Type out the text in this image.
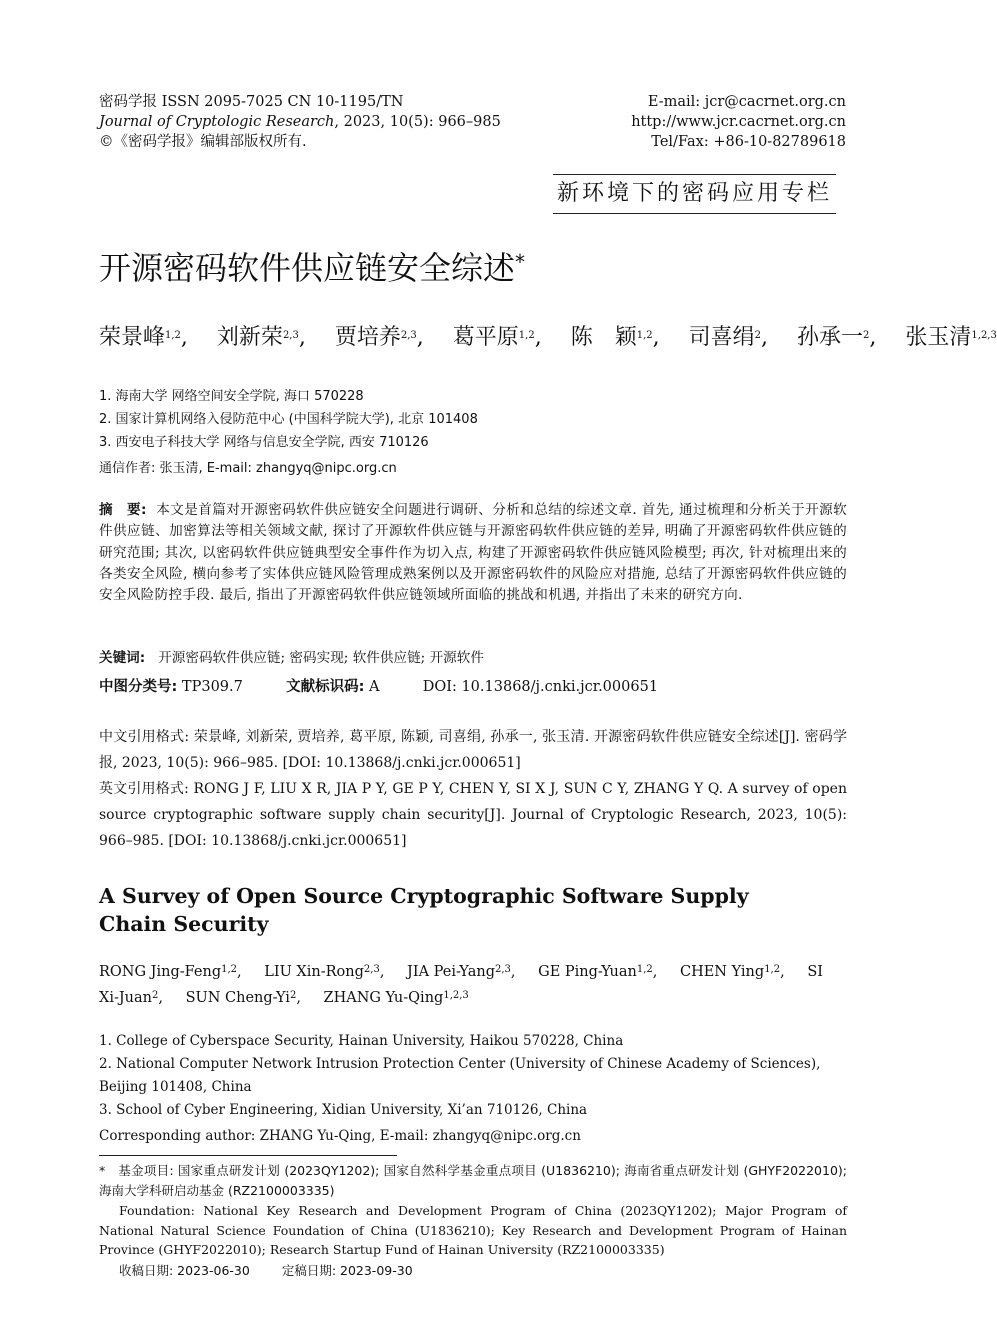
密码学报 ISSN 2095-7025 CN 10-1195/TN
Journal of Cryptologic Research, 2023, 10(5): 966–985
©《密码学报》编辑部版权所有.
E-mail: jcr@cacrnet.org.cn
http://www.jcr.cacrnet.org.cn
Tel/Fax: +86-10-82789618
新环境下的密码应用专栏
开源密码软件供应链安全综述*
荣景峰$^{1,2}$,　 刘新荣$^{2,3}$,　 贾培养$^{2,3}$,　 葛平原$^{1,2}$,　 陈　颖$^{1,2}$,　 司喜绢$^2$,　 孙承一$^2$,　 张玉清$^{1,2,3}$
1. 海南大学 网络空间安全学院, 海口 570228
2. 国家计算机网络入侵防范中心 (中国科学院大学), 北京 101408
3. 西安电子科技大学 网络与信息安全学院, 西安 710126
通信作者: 张玉清, E-mail: zhangyq@nipc.org.cn
摘　要: 本文是首篇对开源密码软件供应链安全问题进行调研、分析和总结的综述文章. 首先, 通过梳理和分析关于开源软件供应链、加密算法等相关领域文献, 探讨了开源软件供应链与开源密码软件供应链的差异, 明确了开源密码软件供应链的研究范围; 其次, 以密码软件供应链典型安全事件作为切入点, 构建了开源密码软件供应链风险模型; 再次, 针对梳理出来的各类安全风险, 横向参考了实体供应链风险管理成熟案例以及开源密码软件的风险应对措施, 总结了开源密码软件供应链的安全风险防控手段. 最后, 指出了开源密码软件供应链领域所面临的挑战和机遇, 并指出了未来的研究方向.
关键词: 开源密码软件供应链; 密码实现; 软件供应链; 开源软件
中图分类号: TP309.7	文献标识码: A	DOI: 10.13868/j.cnki.jcr.000651
中文引用格式: 荣景峰, 刘新荣, 贾培养, 葛平原, 陈颖, 司喜绢, 孙承一, 张玉清. 开源密码软件供应链安全综述[J]. 密码学报, 2023, 10(5): 966–985. [DOI: 10.13868/j.cnki.jcr.000651]
英文引用格式: RONG J F, LIU X R, JIA P Y, GE P Y, CHEN Y, SI X J, SUN C Y, ZHANG Y Q. A survey of open source cryptographic software supply chain security[J]. Journal of Cryptologic Research, 2023, 10(5): 966–985. [DOI: 10.13868/j.cnki.jcr.000651]
A Survey of Open Source Cryptographic Software Supply Chain Security
RONG Jing-Feng$^{1,2}$, LIU Xin-Rong$^{2,3}$, JIA Pei-Yang$^{2,3}$, GE Ping-Yuan$^{1,2}$, CHEN Ying$^{1,2}$, SI Xi-Juan$^2$, SUN Cheng-Yi$^2$, ZHANG Yu-Qing$^{1,2,3}$
1. College of Cyberspace Security, Hainan University, Haikou 570228, China
2. National Computer Network Intrusion Protection Center (University of Chinese Academy of Sciences), Beijing 101408, China
3. School of Cyber Engineering, Xidian University, Xi’an 710126, China
Corresponding author: ZHANG Yu-Qing, E-mail: zhangyq@nipc.org.cn
*　基金项目: 国家重点研发计划 (2023QY1202); 国家自然科学基金重点项目 (U1836210); 海南省重点研发计划 (GHYF2022010); 海南大学科研启动基金 (RZ2100003335)
Foundation: National Key Research and Development Program of China (2023QY1202); Major Program of National Natural Science Foundation of China (U1836210); Key Research and Development Program of Hainan Province (GHYF2022010); Research Startup Fund of Hainan University (RZ2100003335)
收稿日期: 2023-06-30	定稿日期: 2023-09-30
